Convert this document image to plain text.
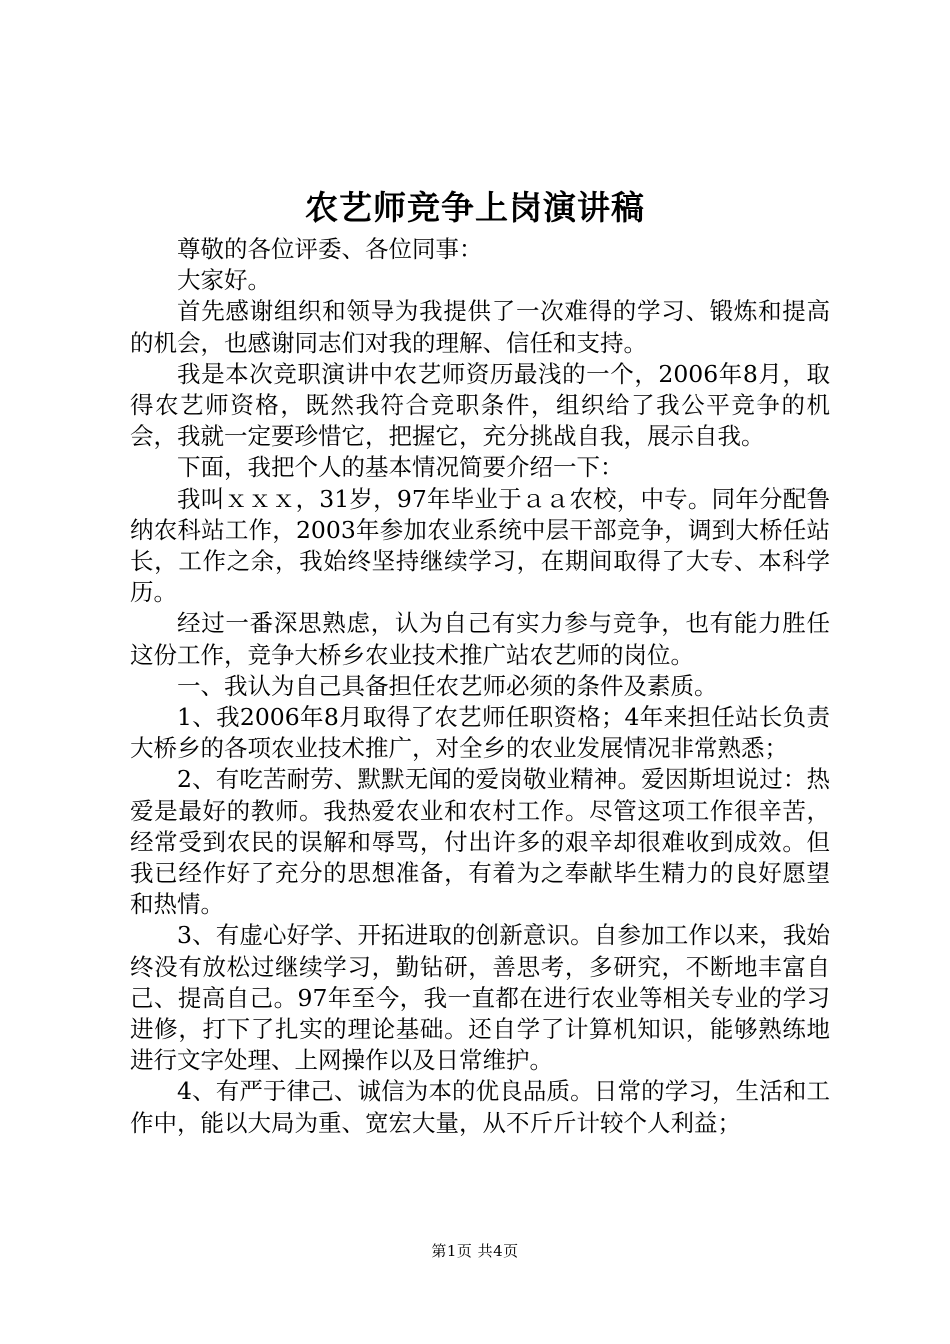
农艺师竞争上岗演讲稿

尊敬的各位评委、各位同事：

大家好。

首先感谢组织和领导为我提供了一次难得的学习、锻炼和提高的机会，也感谢同志们对我的理解、信任和支持。

我是本次竞职演讲中农艺师资历最浅的一个，2006年8月，取得农艺师资格，既然我符合竞职条件，组织给了我公平竞争的机会，我就一定要珍惜它，把握它，充分挑战自我，展示自我。

下面，我把个人的基本情况简要介绍一下：

我叫ｘｘｘ，31岁，97年毕业于ａａ农校，中专。同年分配鲁纳农科站工作，2003年参加农业系统中层干部竞争，调到大桥任站长，工作之余，我始终坚持继续学习，在期间取得了大专、本科学历。

经过一番深思熟虑，认为自己有实力参与竞争，也有能力胜任这份工作，竞争大桥乡农业技术推广站农艺师的岗位。

一、我认为自己具备担任农艺师必须的条件及素质。

1、我2006年8月取得了农艺师任职资格；4年来担任站长负责大桥乡的各项农业技术推广，对全乡的农业发展情况非常熟悉；

2、有吃苦耐劳、默默无闻的爱岗敬业精神。爱因斯坦说过：热爱是最好的教师。我热爱农业和农村工作。尽管这项工作很辛苦，经常受到农民的误解和辱骂，付出许多的艰辛却很难收到成效。但我已经作好了充分的思想准备，有着为之奉献毕生精力的良好愿望和热情。

3、有虚心好学、开拓进取的创新意识。自参加工作以来，我始终没有放松过继续学习，勤钻研，善思考，多研究，不断地丰富自己、提高自己。97年至今，我一直都在进行农业等相关专业的学习进修，打下了扎实的理论基础。还自学了计算机知识，能够熟练地进行文字处理、上网操作以及日常维护。

4、有严于律己、诚信为本的优良品质。日常的学习，生活和工作中，能以大局为重、宽宏大量，从不斤斤计较个人利益；

第1页 共4页
